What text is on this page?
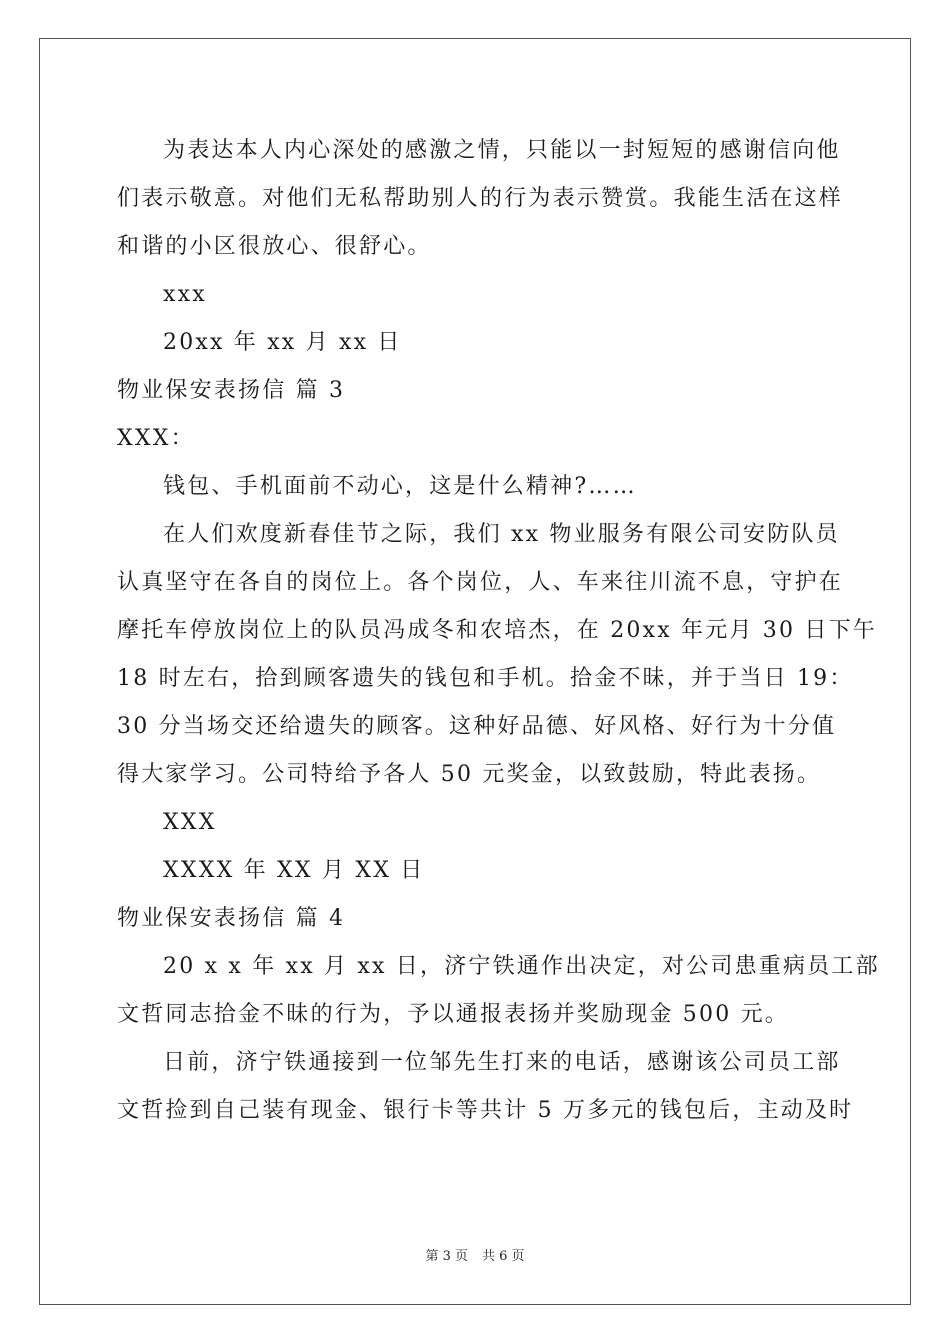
为表达本人内心深处的感激之情，只能以一封短短的感谢信向他
们表示敬意。对他们无私帮助别人的行为表示赞赏。我能生活在这样
和谐的小区很放心、很舒心。
xxx
20xx 年 xx 月 xx 日
物业保安表扬信 篇 3
XXX：
钱包、手机面前不动心，这是什么精神?……
在人们欢度新春佳节之际，我们 xx 物业服务有限公司安防队员
认真坚守在各自的岗位上。各个岗位，人、车来往川流不息，守护在
摩托车停放岗位上的队员冯成冬和农培杰，在 20xx 年元月 30 日下午
18 时左右，拾到顾客遗失的钱包和手机。拾金不昧，并于当日 19：
30 分当场交还给遗失的顾客。这种好品德、好风格、好行为十分值
得大家学习。公司特给予各人 50 元奖金，以致鼓励，特此表扬。
XXX
XXXX 年 XX 月 XX 日
物业保安表扬信 篇 4
20 x x 年 xx 月 xx 日，济宁铁通作出决定，对公司患重病员工部
文哲同志拾金不昧的行为，予以通报表扬并奖励现金 500 元。
日前，济宁铁通接到一位邹先生打来的电话，感谢该公司员工部
文哲捡到自己装有现金、银行卡等共计 5 万多元的钱包后，主动及时
第 3 页 共 6 页
